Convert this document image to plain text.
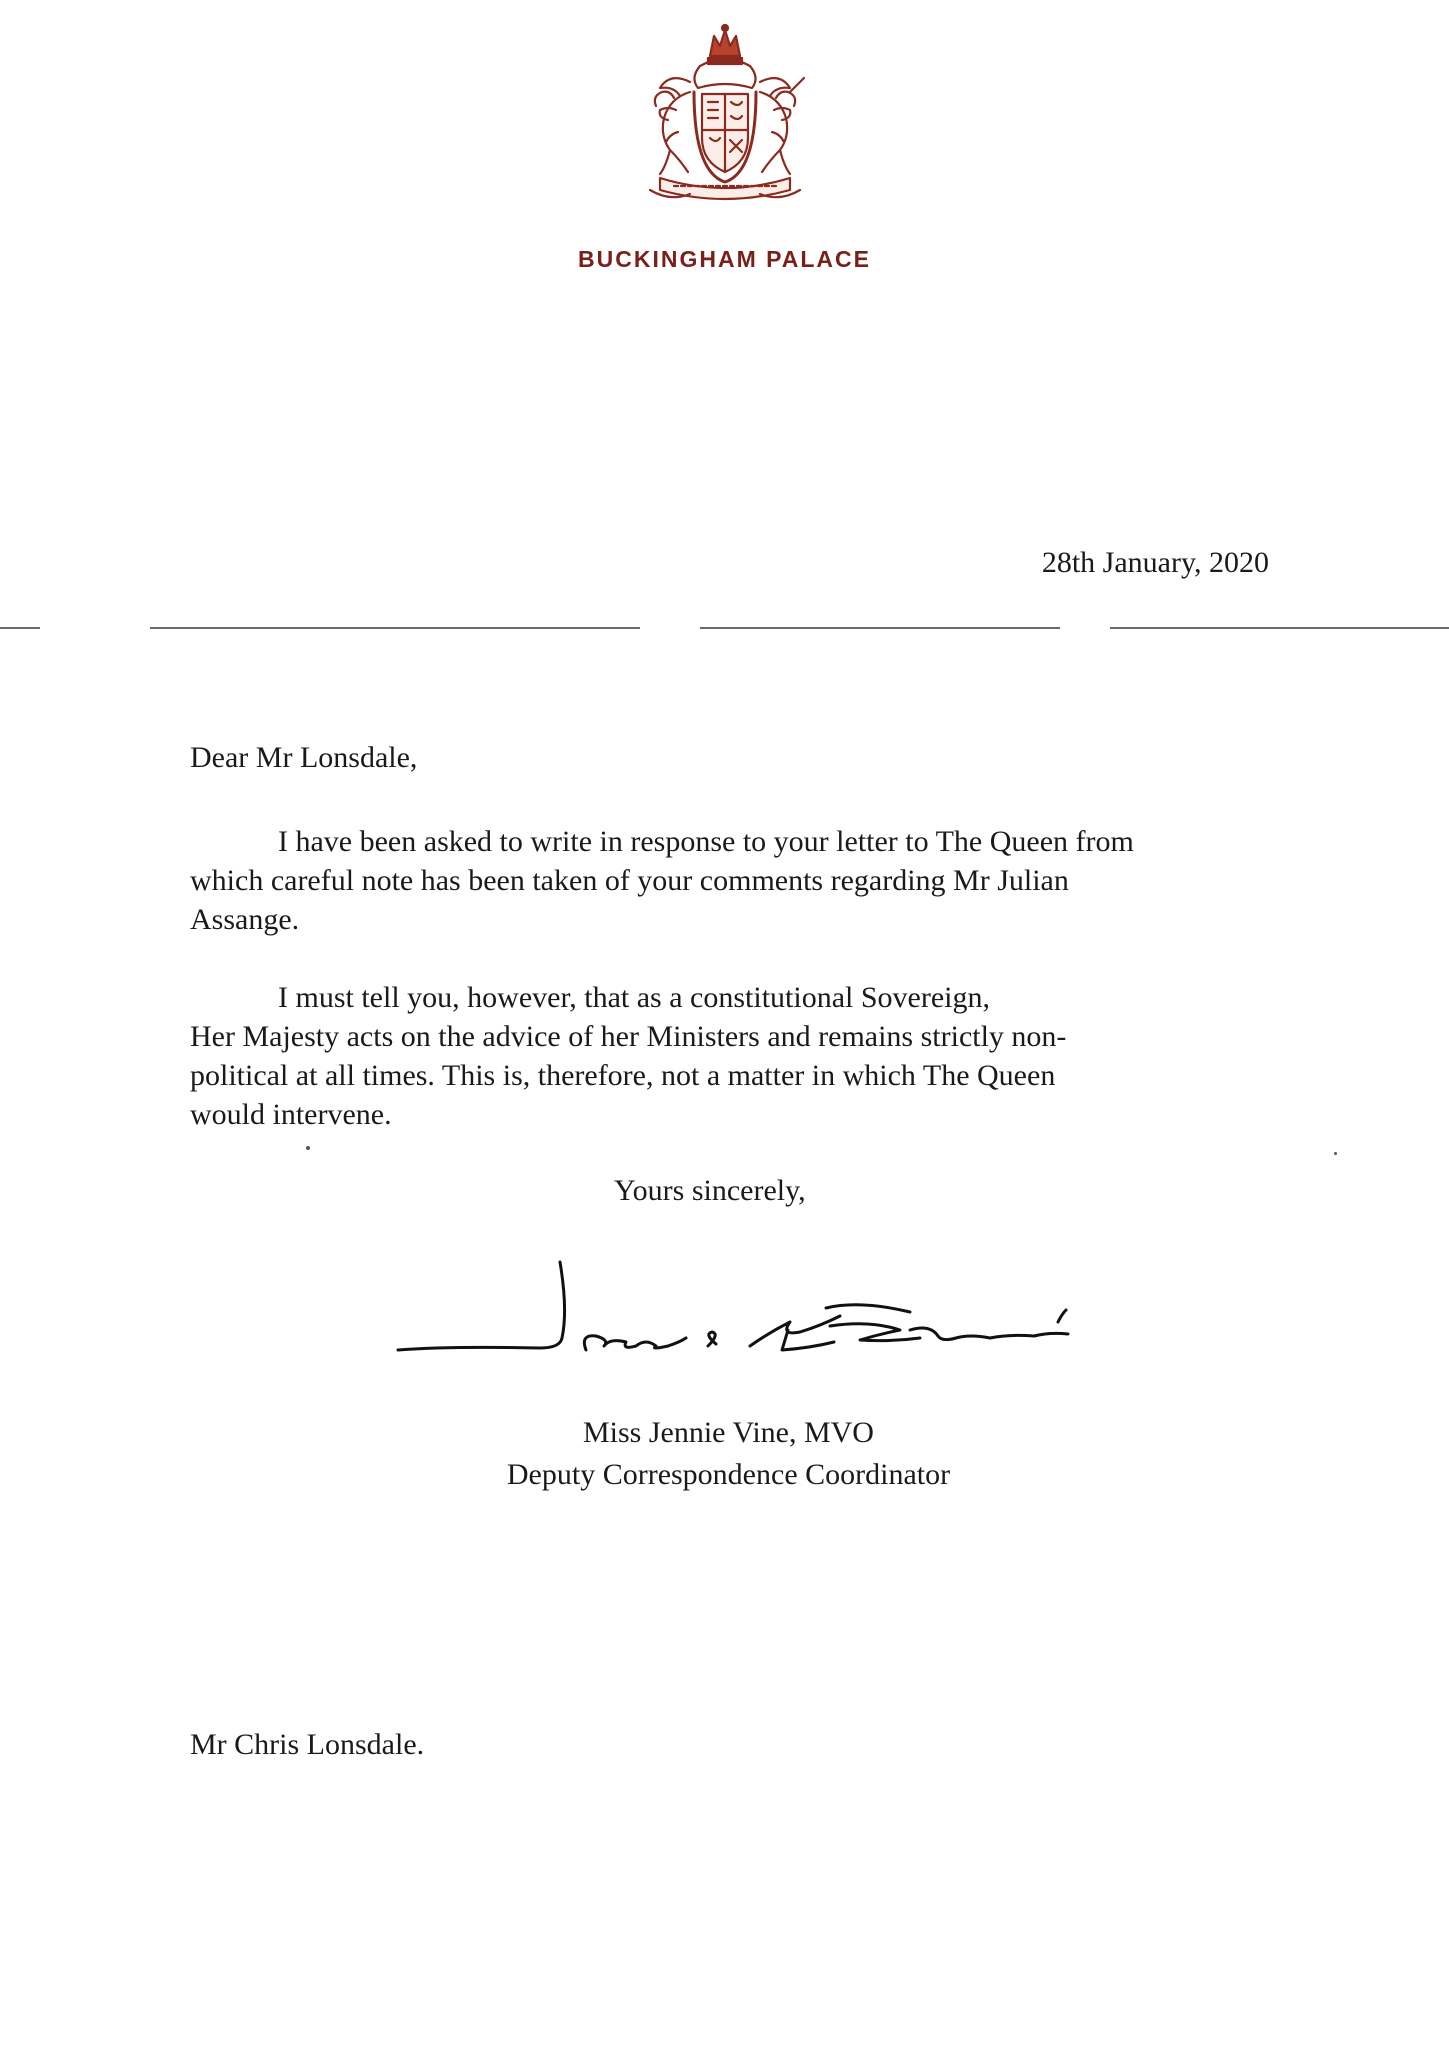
BUCKINGHAM PALACE
28th January, 2020
Dear Mr Lonsdale,
I have been asked to write in response to your letter to The Queen from
which careful note has been taken of your comments regarding Mr Julian
Assange.
I must tell you, however, that as a constitutional Sovereign,
Her Majesty acts on the advice of her Ministers and remains strictly non-
political at all times. This is, therefore, not a matter in which The Queen
would intervene.
Yours sincerely,
Miss Jennie Vine, MVO
Deputy Correspondence Coordinator
Mr Chris Lonsdale.
